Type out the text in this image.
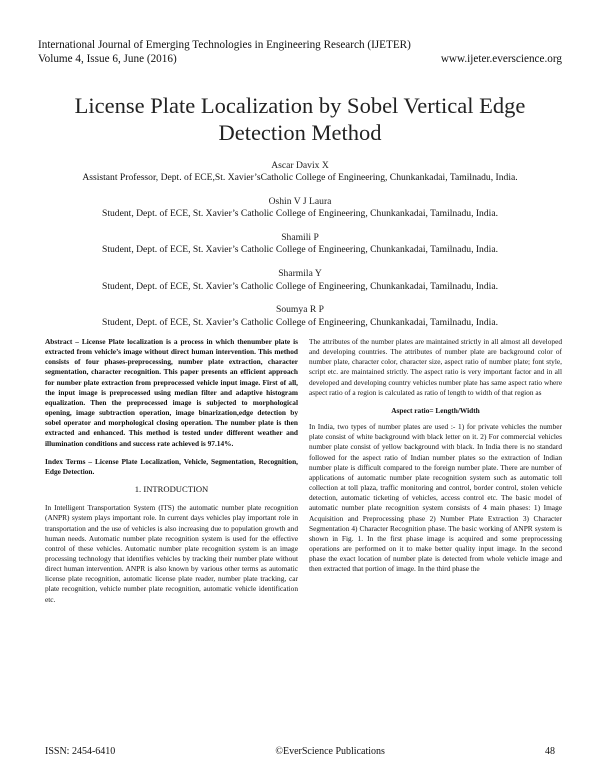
International Journal of Emerging Technologies in Engineering Research (IJETER)
Volume 4, Issue 6, June (2016)	www.ijeter.everscience.org
License Plate Localization by Sobel Vertical Edge Detection Method
Ascar Davix X
Assistant Professor, Dept. of ECE,St. Xavier’sCatholic College of Engineering, Chunkankadai, Tamilnadu, India.
Oshin V J Laura
Student, Dept. of ECE, St. Xavier’s Catholic College of Engineering, Chunkankadai, Tamilnadu, India.
Shamili P
Student, Dept. of ECE, St. Xavier’s Catholic College of Engineering, Chunkankadai, Tamilnadu, India.
Sharmila Y
Student, Dept. of ECE, St. Xavier’s Catholic College of Engineering, Chunkankadai, Tamilnadu, India.
Soumya R P
Student, Dept. of ECE, St. Xavier’s Catholic College of Engineering, Chunkankadai, Tamilnadu, India.

Abstract – License Plate localization is a process in which thenumber plate is extracted from vehicle’s image without direct human intervention. This method consists of four phases-preprocessing, number plate extraction, character segmentation, character recognition. This paper presents an efficient approach for number plate extraction from preprocessed vehicle input image. First of all, the input image is preprocessed using median filter and adaptive histogram equalization. Then the preprocessed image is subjected to morphological opening, image subtraction operation, image binarization,edge detection by sobel operator and morphological closing operation. The number plate is then extracted and enhanced. This method is tested under different weather and illumination conditions and success rate achieved is 97.14%.

Index Terms – License Plate Localization, Vehicle, Segmentation, Recognition, Edge Detection.

1. INTRODUCTION

In Intelligent Transportation System (ITS) the automatic number plate recognition (ANPR) system plays important role. In current days vehicles play important role in transportation and the use of vehicles is also increasing due to population growth and human needs. Automatic number plate recognition system is used for the effective control of these vehicles. Automatic number plate recognition system is an image processing technology that identifies vehicles by tracking their number plate without direct human intervention. ANPR is also known by various other terms as automatic license plate recognition, automatic license plate reader, number plate tracking, car plate recognition, vehicle number plate recognition, automatic vehicle identification etc.

The attributes of the number plates are maintained strictly in all almost all developed and developing countries. The attributes of number plate are background color of number plate, character color, character size, aspect ratio of number plate; font style, script etc. are maintained strictly. The aspect ratio is very important factor and in all developed and developing country vehicles number plate has same aspect ratio where aspect ratio of a region is calculated as ratio of length to width of that region as

Aspect ratio= Length/Width

In India, two types of number plates are used :- 1) for private vehicles the number plate consist of white background with black letter on it. 2) For commercial vehicles number plate consist of yellow background with black. In India there is no standard followed for the aspect ratio of Indian number plates so the extraction of Indian number plate is difficult compared to the foreign number plate. There are number of applications of automatic number plate recognition system such as automatic toll collection at toll plaza, traffic monitoring and control, border control, stolen vehicle detection, automatic ticketing of vehicles, access control etc. The basic model of automatic number plate recognition system consists of 4 main phases: 1) Image Acquisition and Preprocessing phase 2) Number Plate Extraction 3) Character Segmentation 4) Character Recognition phase. The basic working of ANPR system is shown in Fig. 1. In the first phase image is acquired and some preprocessing operations are performed on it to make better quality input image. In the second phase the exact location of number plate is detected from whole vehicle image and then extracted that portion of image. In the third phase the

ISSN: 2454-6410	©EverScience Publications	48
